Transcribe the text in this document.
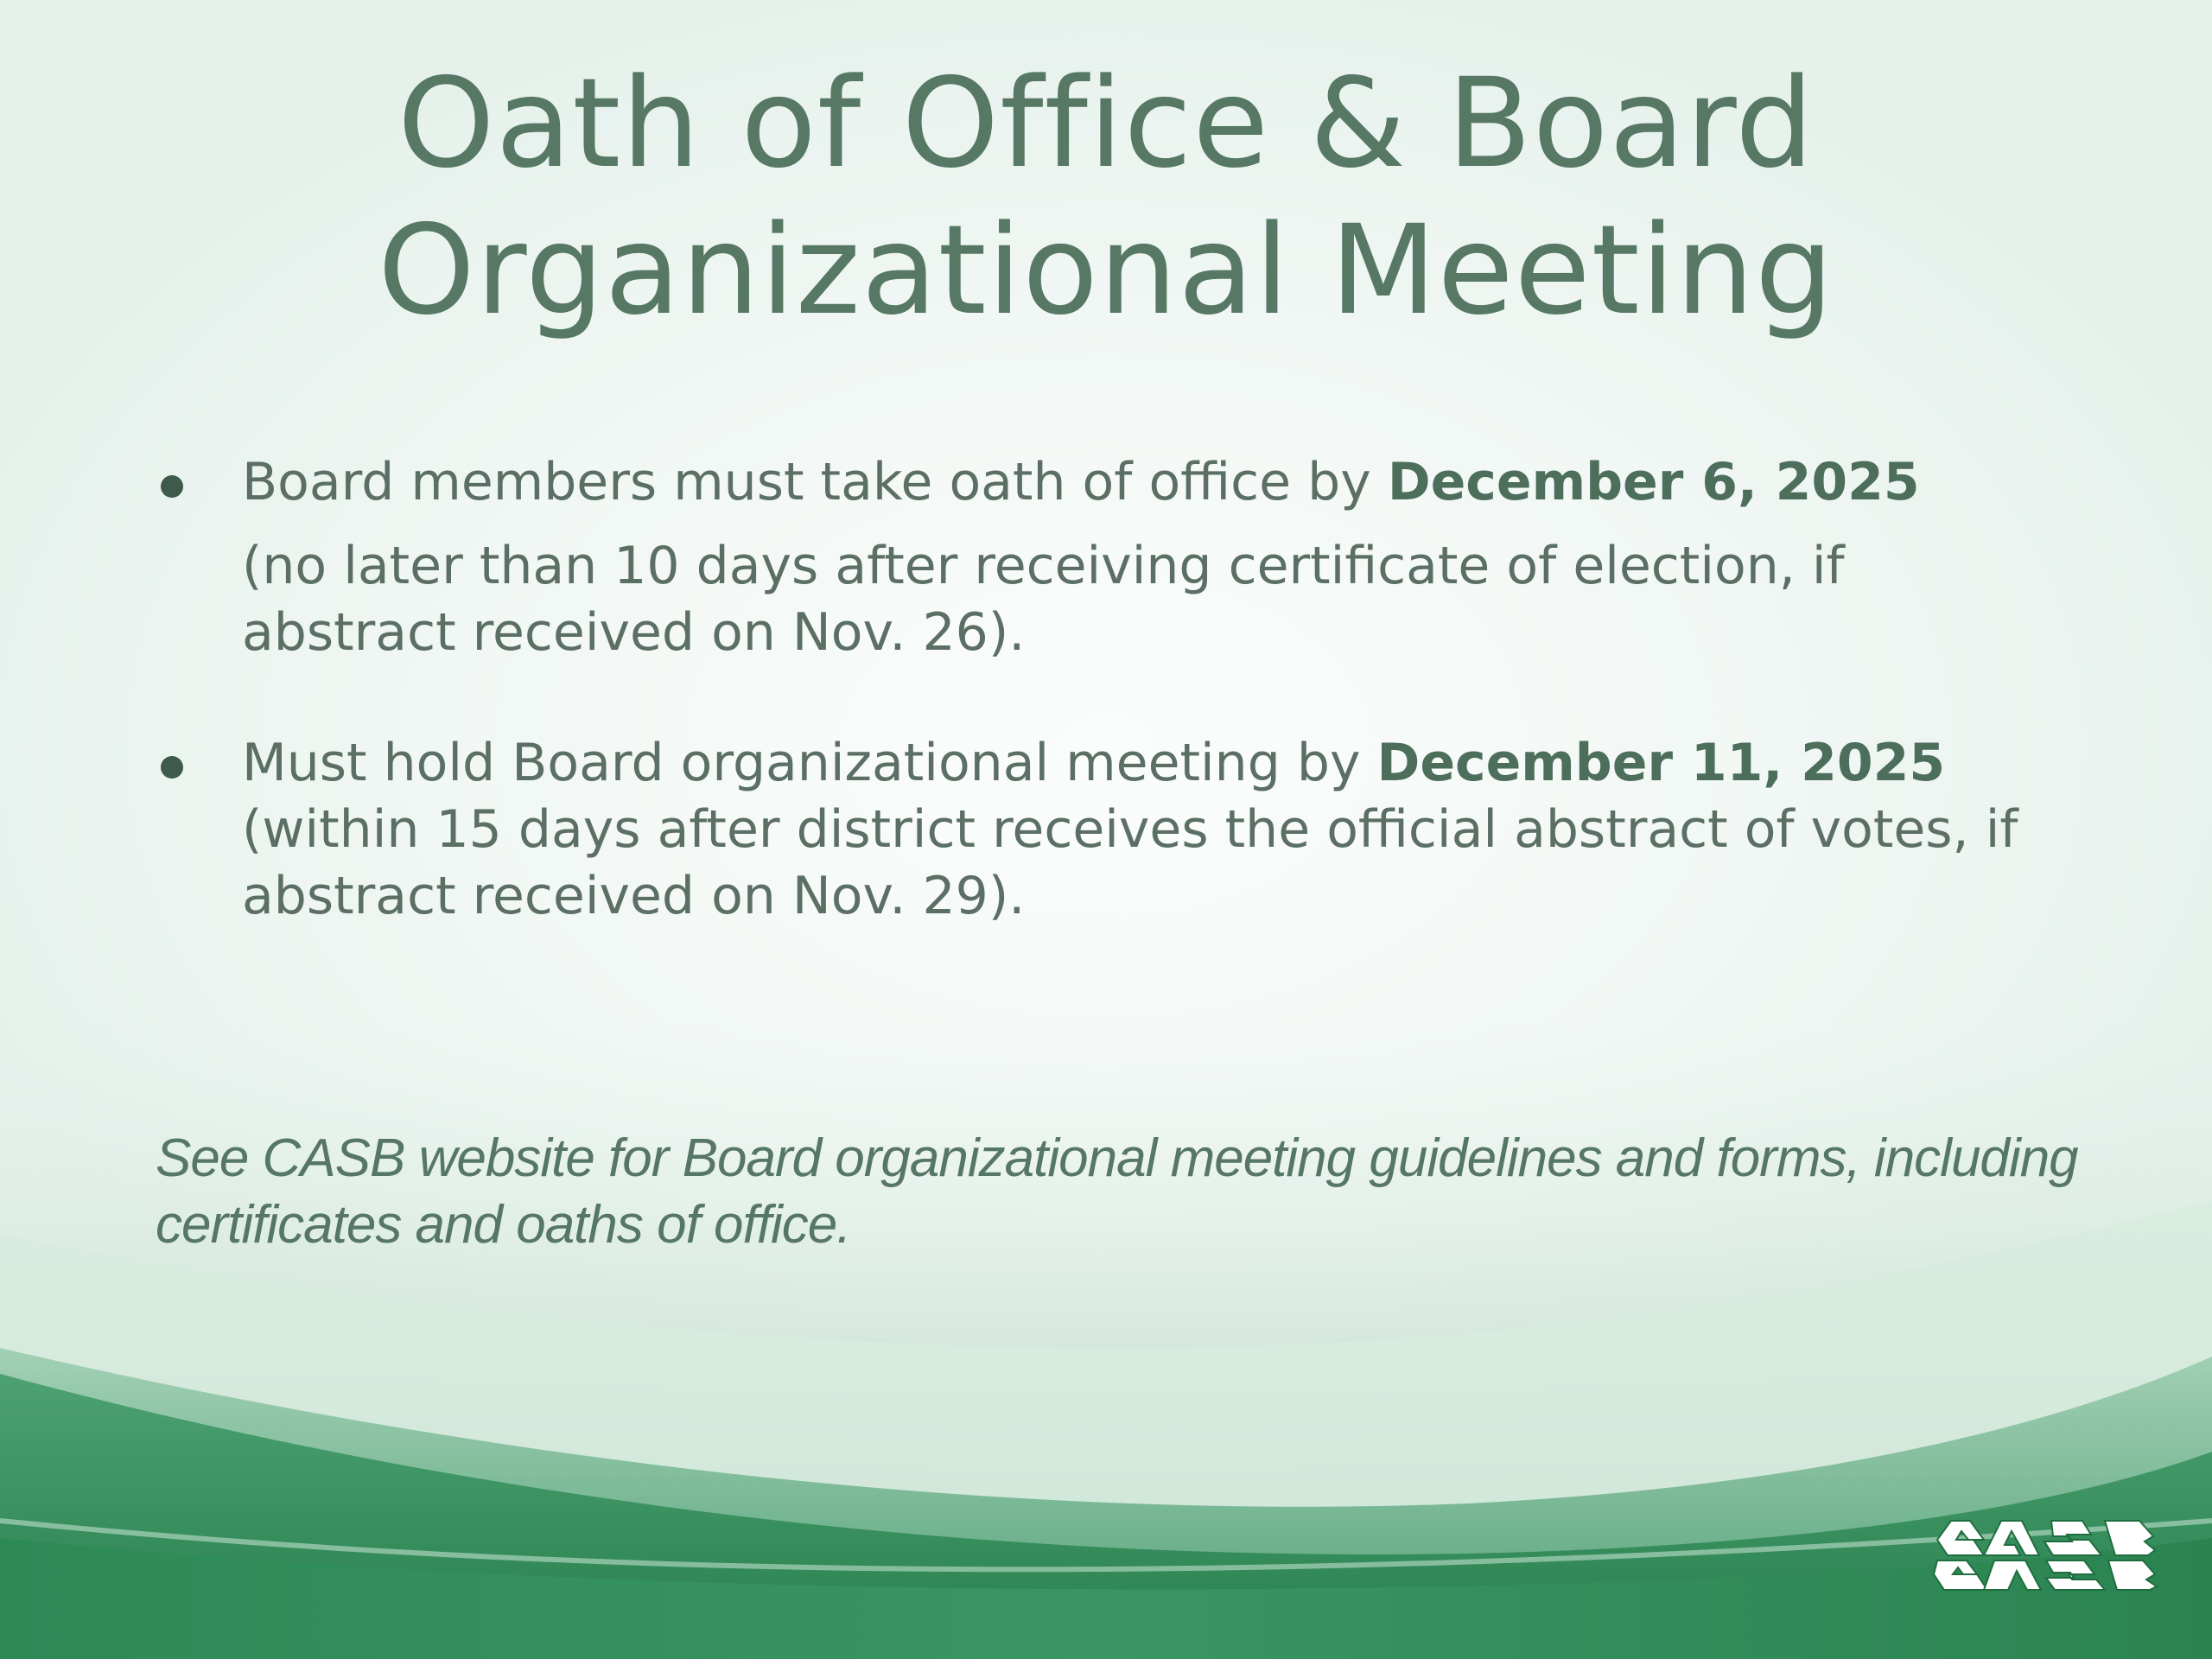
Oath of Office & Board
Organizational Meeting
Board members must take oath of office by December 6, 2025
(no later than 10 days after receiving certificate of election, if abstract received on Nov. 26).
Must hold Board organizational meeting by December 11, 2025 (within 15 days after district receives the official abstract of votes, if abstract received on Nov. 29).

See CASB website for Board organizational meeting guidelines and forms, including certificates and oaths of office.
